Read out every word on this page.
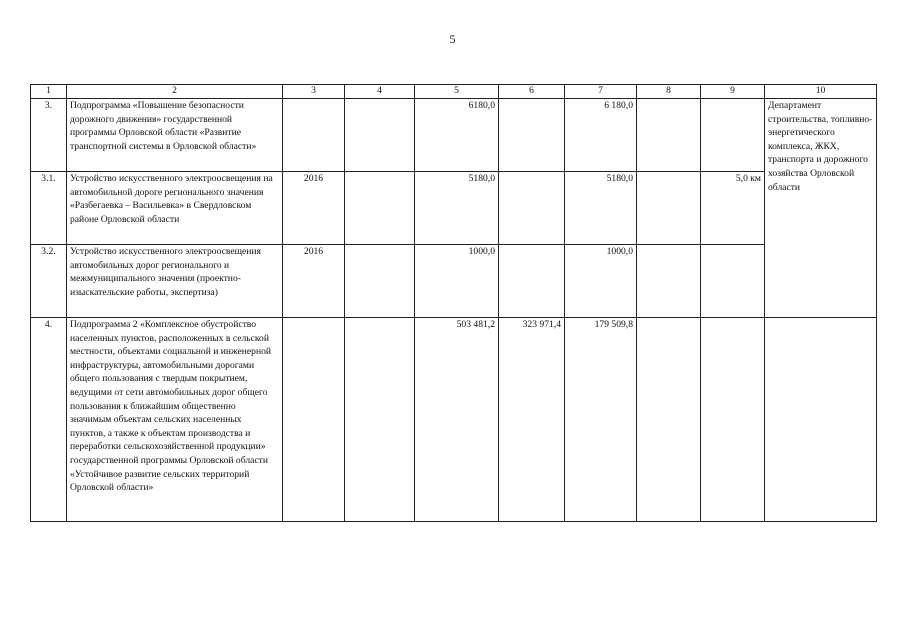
5
1	2	3	4	5	6	7	8	9	10
3.	Подпрограмма «Повышение безопасности дорожного движения» государственной программы Орловской области «Развитие транспортной системы в Орловской области»			6180,0		6 180,0			Департамент строительства, топливно-энергетического комплекса, ЖКХ, транспорта и дорожного хозяйства Орловской области
3.1.	Устройство искусственного электроосвещения на автомобильной дороге регионального значения «Разбегаевка – Васильевка» в Свердловском районе Орловской области	2016		5180,0		5180,0		5,0 км	
3.2.	Устройство искусственного электроосвещения автомобильных дорог регионального и межмуниципального значения (проектно-изыскательские работы, экспертиза)	2016		1000,0		1000,0			
4.	Подпрограмма 2 «Комплексное обустройство населенных пунктов, расположенных в сельской местности, объектами социальной и инженерной инфраструктуры, автомобильными дорогами общего пользования с твердым покрытием, ведущими от сети автомобильных дорог общего пользования к ближайшим общественно значимым объектам сельских населенных пунктов, а также к объектам производства и переработки сельскохозяйственной продукции» государственной программы Орловской области «Устойчивое развитие сельских территорий Орловской области»			503 481,2	323 971,4	179 509,8			
